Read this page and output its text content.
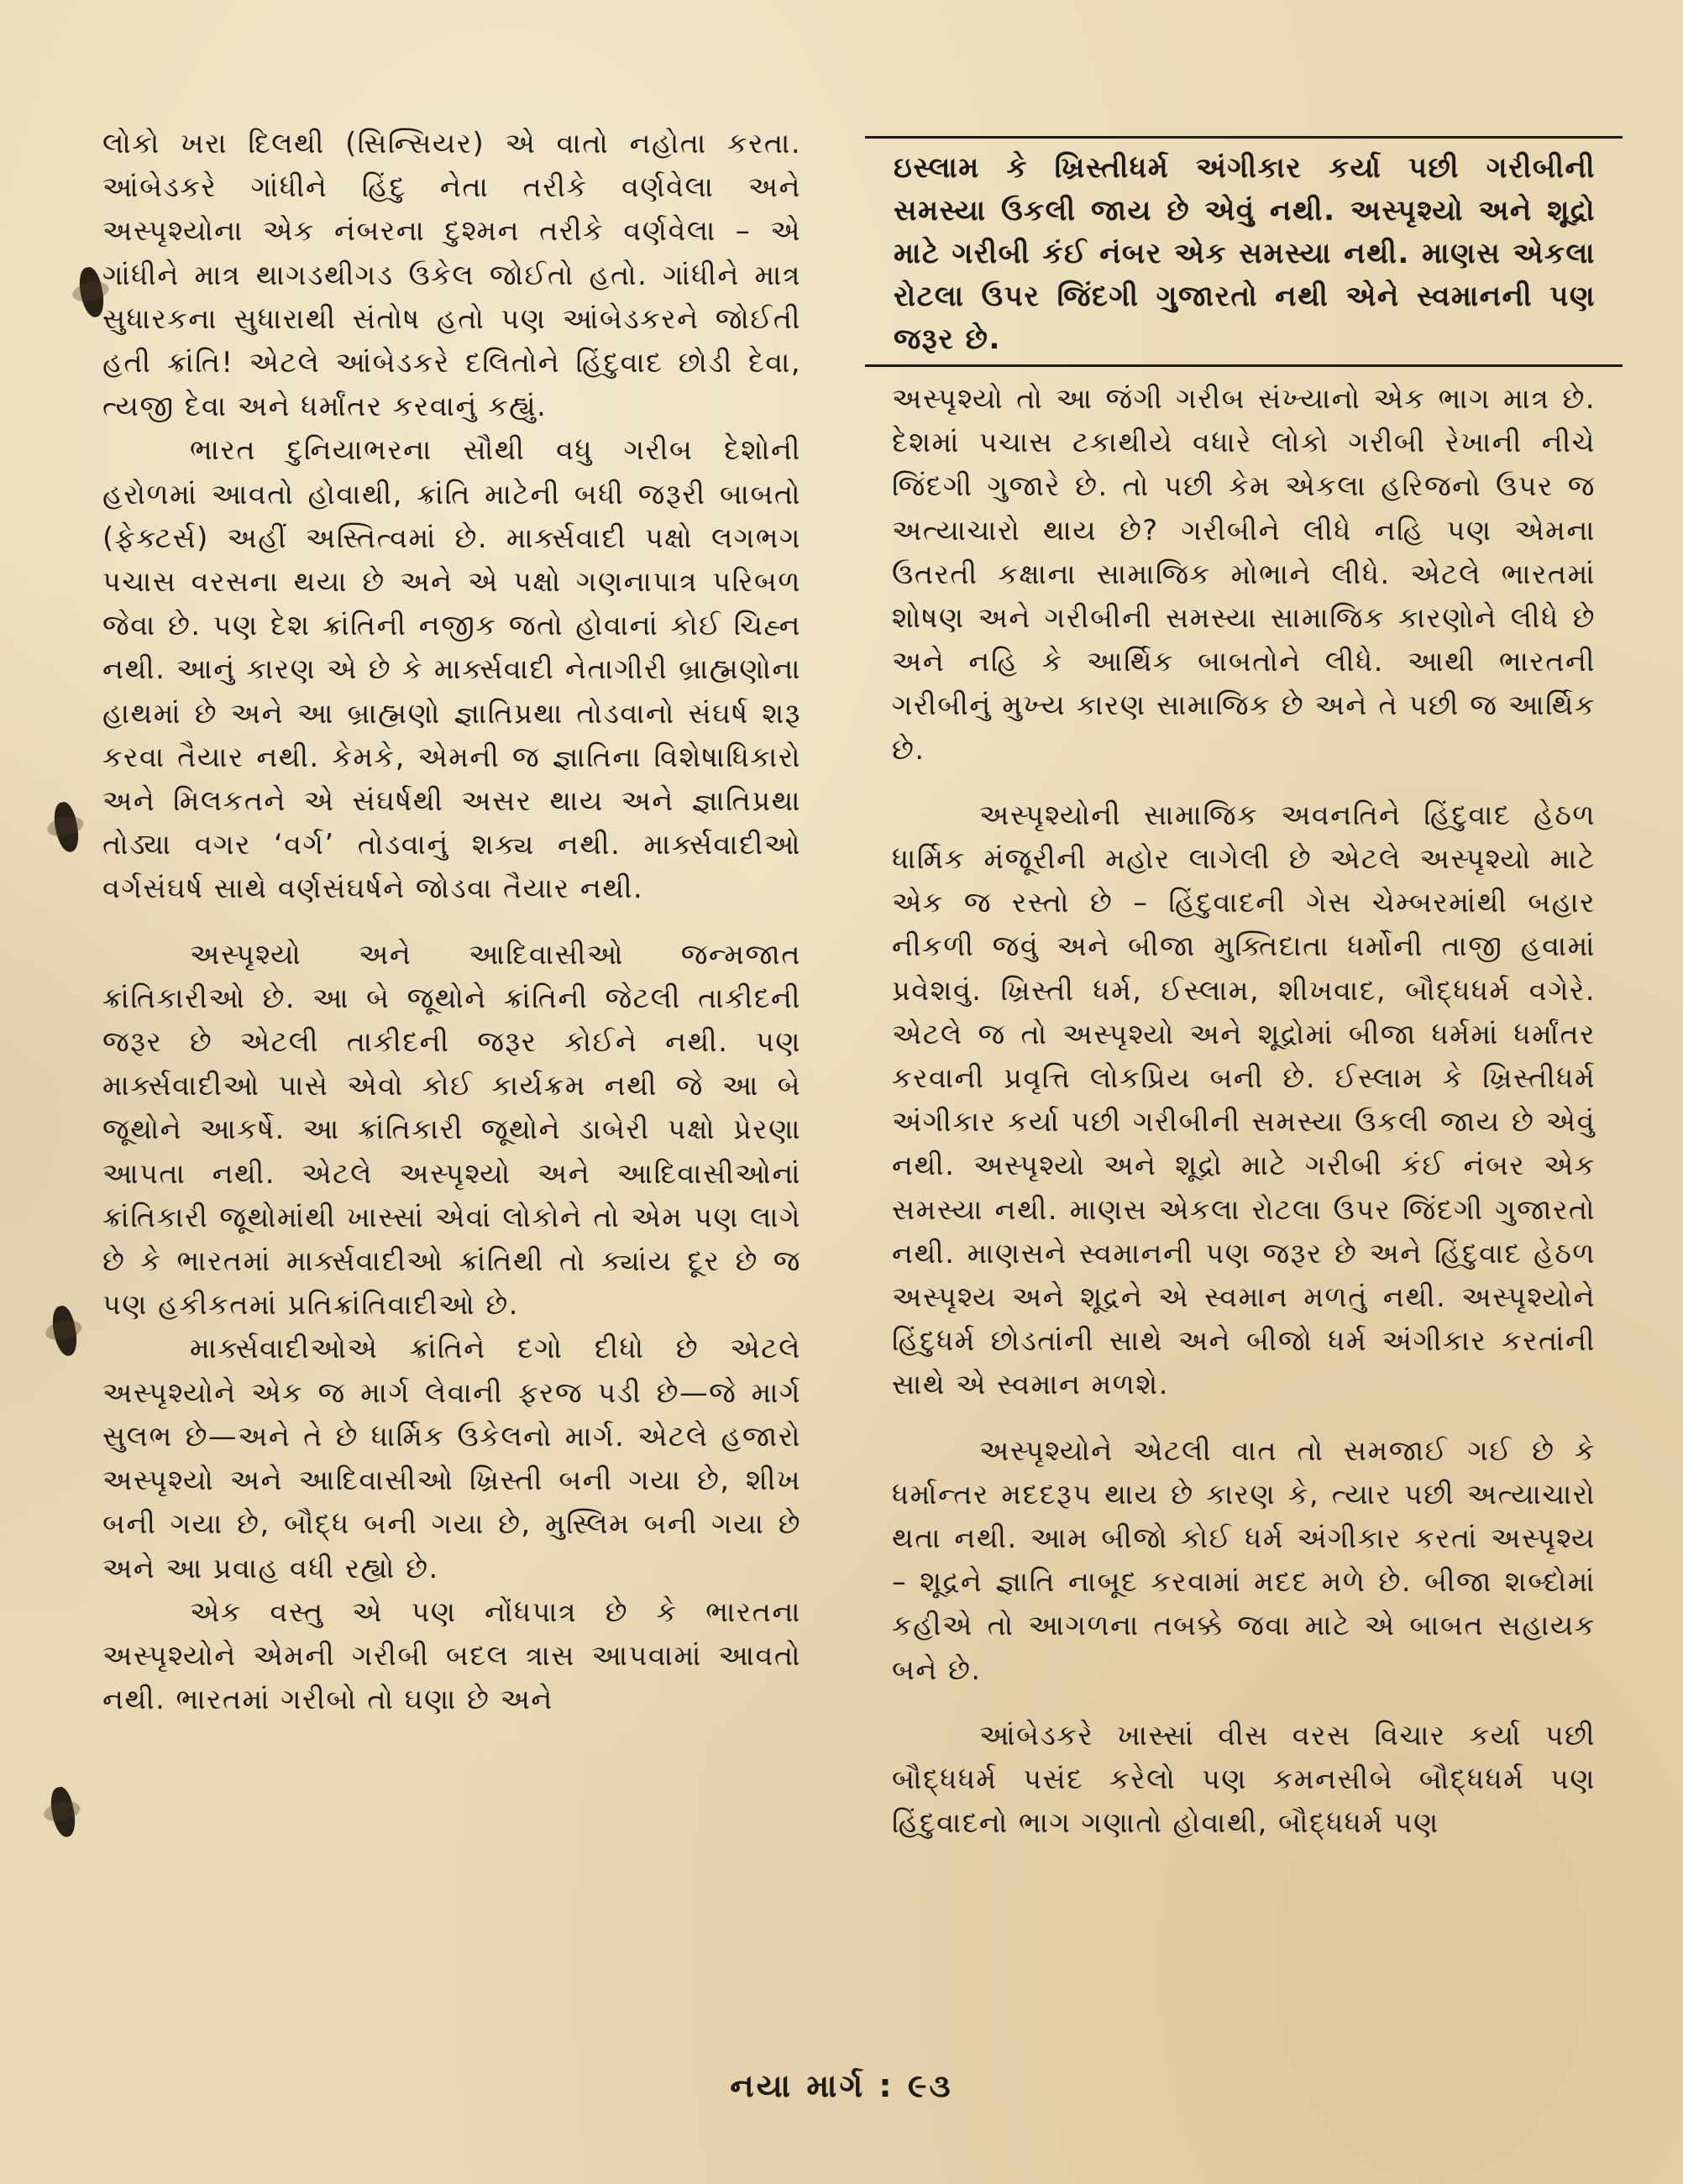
લોકો ખરા દિલથી (સિન્સિયર) એ વાતો નહોતા કરતા. આંબેડકરે ગાંધીને હિંદુ નેતા તરીકે વર્ણવેલા અને અસ્પૃશ્યોના એક નંબરના દુશ્મન તરીકે વર્ણવેલા – એ ગાંધીને માત્ર થાગડથીગડ ઉકેલ જોઈતો હતો. ગાંધીને માત્ર સુધારકના સુધારાથી સંતોષ હતો પણ આંબેડકરને જોઈતી હતી ક્રાંતિ! એટલે આંબેડકરે દલિતોને હિંદુવાદ છોડી દેવા, ત્યજી દેવા અને ધર્માંતર કરવાનું કહ્યું.

ભારત દુનિયાભરના સૌથી વધુ ગરીબ દેશોની હરોળમાં આવતો હોવાથી, ક્રાંતિ માટેની બધી જરૂરી બાબતો (ફેક્ટર્સ) અહીં અસ્તિત્વમાં છે. માર્ક્સવાદી પક્ષો લગભગ પચાસ વરસના થયા છે અને એ પક્ષો ગણનાપાત્ર પરિબળ જેવા છે. પણ દેશ ક્રાંતિની નજીક જતો હોવાનાં કોઈ ચિહ્ન નથી. આનું કારણ એ છે કે માર્ક્સવાદી નેતાગીરી બ્રાહ્મણોના હાથમાં છે અને આ બ્રાહ્મણો જ્ઞાતિપ્રથા તોડવાનો સંઘર્ષ શરૂ કરવા તૈયાર નથી. કેમકે, એમની જ જ્ઞાતિના વિશેષાધિકારો અને મિલકતને એ સંઘર્ષથી અસર થાય અને જ્ઞાતિપ્રથા તોડ્યા વગર ‘વર્ગ’ તોડવાનું શક્ય નથી. માર્ક્સવાદીઓ વર્ગસંઘર્ષ સાથે વર્ણસંઘર્ષને જોડવા તૈયાર નથી.

અસ્પૃશ્યો અને આદિવાસીઓ જન્મજાત ક્રાંતિકારીઓ છે. આ બે જૂથોને ક્રાંતિની જેટલી તાકીદની જરૂર છે એટલી તાકીદની જરૂર કોઈને નથી. પણ માર્ક્સવાદીઓ પાસે એવો કોઈ કાર્યક્રમ નથી જે આ બે જૂથોને આકર્ષે. આ ક્રાંતિકારી જૂથોને ડાબેરી પક્ષો પ્રેરણા આપતા નથી. એટલે અસ્પૃશ્યો અને આદિવાસીઓનાં ક્રાંતિકારી જૂથોમાંથી ખાસ્સાં એવાં લોકોને તો એમ પણ લાગે છે કે ભારતમાં માર્ક્સવાદીઓ ક્રાંતિથી તો ક્યાંય દૂર છે જ પણ હકીકતમાં પ્રતિક્રાંતિવાદીઓ છે.

માર્ક્સવાદીઓએ ક્રાંતિને દગો દીધો છે એટલે અસ્પૃશ્યોને એક જ માર્ગ લેવાની ફરજ પડી છે—જે માર્ગ સુલભ છે—અને તે છે ધાર્મિક ઉકેલનો માર્ગ. એટલે હજારો અસ્પૃશ્યો અને આદિવાસીઓ ખ્રિસ્તી બની ગયા છે, શીખ બની ગયા છે, બૌદ્ધ બની ગયા છે, મુસ્લિમ બની ગયા છે અને આ પ્રવાહ વધી રહ્યો છે.

એક વસ્તુ એ પણ નોંધપાત્ર છે કે ભારતના અસ્પૃશ્યોને એમની ગરીબી બદલ ત્રાસ આપવામાં આવતો નથી. ભારતમાં ગરીબો તો ઘણા છે અને

ઇસ્લામ કે ખ્રિસ્તીધર્મ અંગીકાર કર્યા પછી ગરીબીની સમસ્યા ઉકલી જાય છે એવું નથી. અસ્પૃશ્યો અને શૂદ્રો માટે ગરીબી કંઈ નંબર એક સમસ્યા નથી. માણસ એકલા રોટલા ઉપર જિંદગી ગુજારતો નથી એને સ્વમાનની પણ જરૂર છે.

અસ્પૃશ્યો તો આ જંગી ગરીબ સંખ્યાનો એક ભાગ માત્ર છે. દેશમાં પચાસ ટકાથીયે વધારે લોકો ગરીબી રેખાની નીચે જિંદગી ગુજારે છે. તો પછી કેમ એકલા હરિજનો ઉપર જ અત્યાચારો થાય છે? ગરીબીને લીધે નહિ પણ એમના ઉતરતી કક્ષાના સામાજિક મોભાને લીધે. એટલે ભારતમાં શોષણ અને ગરીબીની સમસ્યા સામાજિક કારણોને લીધે છે અને નહિ કે આર્થિક બાબતોને લીધે. આથી ભારતની ગરીબીનું મુખ્ય કારણ સામાજિક છે અને તે પછી જ આર્થિક છે.

અસ્પૃશ્યોની સામાજિક અવનતિને હિંદુવાદ હેઠળ ધાર્મિક મંજૂરીની મહોર લાગેલી છે એટલે અસ્પૃશ્યો માટે એક જ રસ્તો છે – હિંદુવાદની ગેસ ચેમ્બરમાંથી બહાર નીકળી જવું અને બીજા મુક્તિદાતા ધર્મોની તાજી હવામાં પ્રવેશવું. ખ્રિસ્તી ધર્મ, ઈસ્લામ, શીખવાદ, બૌદ્ધધર્મ વગેરે. એટલે જ તો અસ્પૃશ્યો અને શૂદ્રોમાં બીજા ધર્મમાં ધર્માંતર કરવાની પ્રવૃત્તિ લોકપ્રિય બની છે. ઈસ્લામ કે ખ્રિસ્તીધર્મ અંગીકાર કર્યા પછી ગરીબીની સમસ્યા ઉકલી જાય છે એવું નથી. અસ્પૃશ્યો અને શૂદ્રો માટે ગરીબી કંઈ નંબર એક સમસ્યા નથી. માણસ એકલા રોટલા ઉપર જિંદગી ગુજારતો નથી. માણસને સ્વમાનની પણ જરૂર છે અને હિંદુવાદ હેઠળ અસ્પૃશ્ય અને શૂદ્રને એ સ્વમાન મળતું નથી. અસ્પૃશ્યોને હિંદુધર્મ છોડતાંની સાથે અને બીજો ધર્મ અંગીકાર કરતાંની સાથે એ સ્વમાન મળશે.

અસ્પૃશ્યોને એટલી વાત તો સમજાઈ ગઈ છે કે ધર્માન્તર મદદરૂપ થાય છે કારણ કે, ત્યાર પછી અત્યાચારો થતા નથી. આમ બીજો કોઈ ધર્મ અંગીકાર કરતાં અસ્પૃશ્ય – શૂદ્રને જ્ઞાતિ નાબૂદ કરવામાં મદદ મળે છે. બીજા શબ્દોમાં કહીએ તો આગળના તબક્કે જવા માટે એ બાબત સહાયક બને છે.

આંબેડકરે ખાસ્સાં વીસ વરસ વિચાર કર્યા પછી બૌદ્ધધર્મ પસંદ કરેલો પણ કમનસીબે બૌદ્ધધર્મ પણ હિંદુવાદનો ભાગ ગણાતો હોવાથી, બૌદ્ધધર્મ પણ

નયા માર્ગ : ૯૩
